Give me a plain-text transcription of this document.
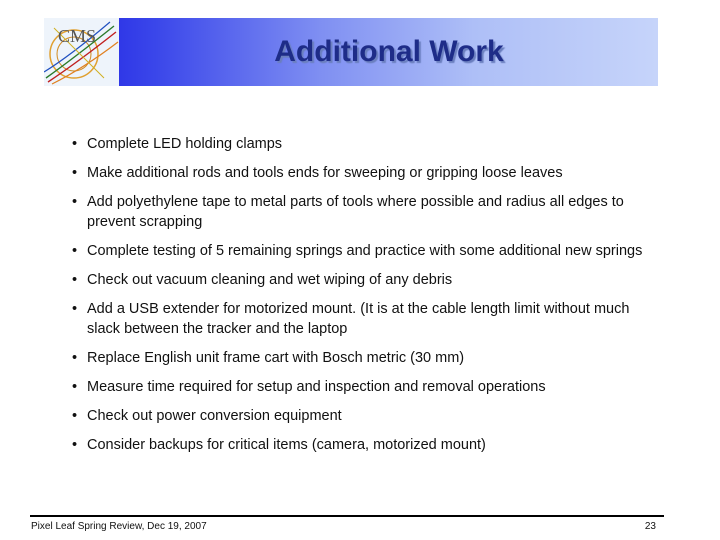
CMS	Additional Work
• Complete LED holding clamps
• Make additional rods and tools ends for sweeping or gripping loose leaves
• Add polyethylene tape to metal parts of tools where possible and radius all edges to prevent scrapping
• Complete testing of 5 remaining springs and practice with some additional new springs
• Check out vacuum cleaning and wet wiping of any debris
• Add a USB extender for motorized mount. (It is at the cable length limit without much slack between the tracker and the laptop
• Replace English unit frame cart with Bosch metric (30 mm)
• Measure time required for setup and inspection and removal operations
• Check out power conversion equipment
• Consider backups for critical items (camera, motorized mount)
Pixel Leaf Spring Review, Dec 19, 2007	23
